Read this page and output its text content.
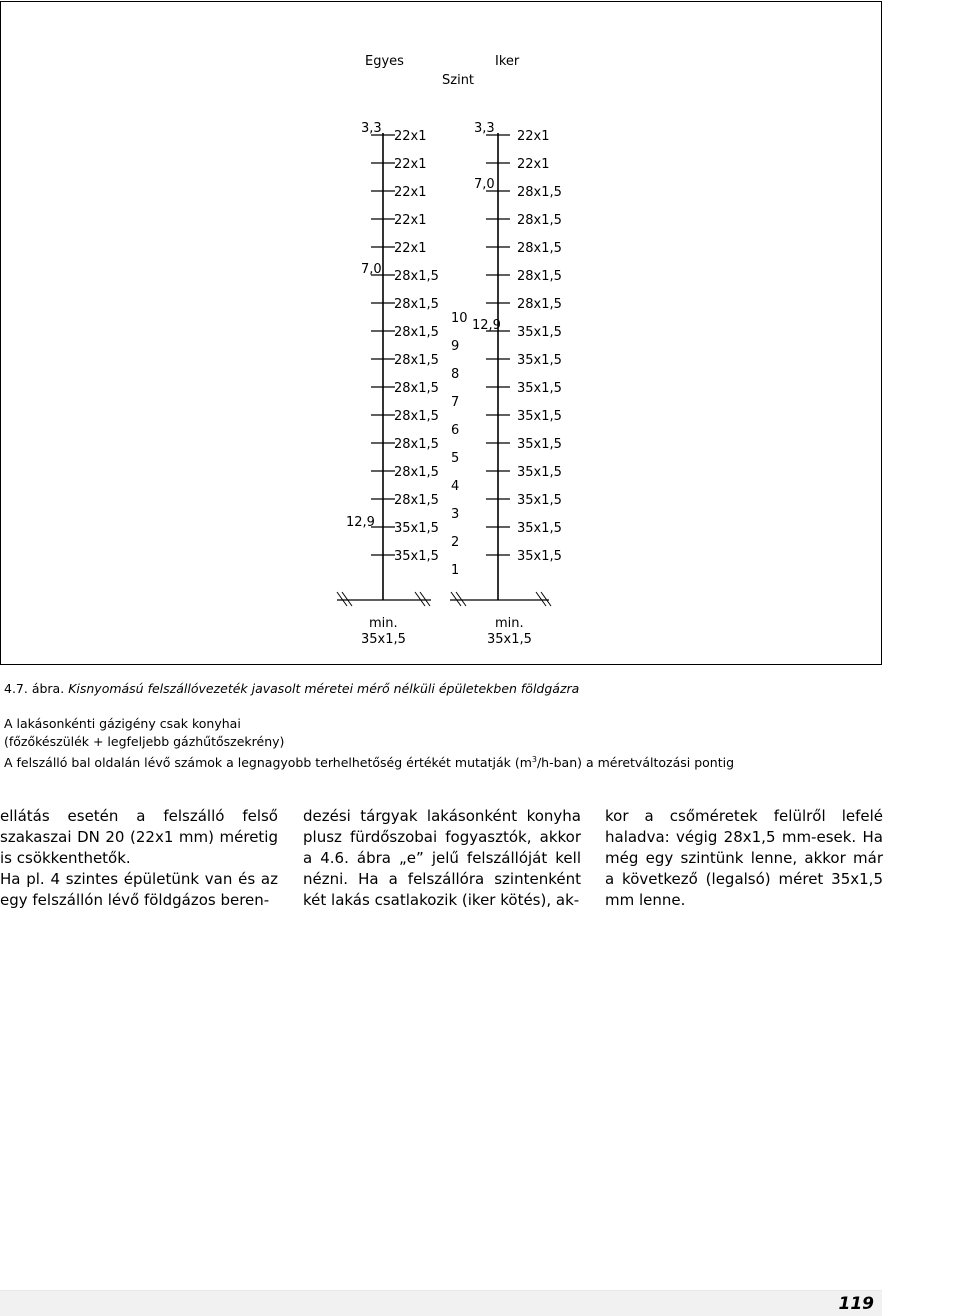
Egyes	Iker
Szint
22x1
22x1
22x1
22x1
22x1
28x1,5
28x1,5
28x1,5
28x1,5
28x1,5
28x1,5
28x1,5
28x1,5
28x1,5
35x1,5
35x1,5
3,3
7,0
12,9
22x1
22x1
28x1,5
28x1,5
28x1,5
28x1,5
28x1,5
35x1,5
35x1,5
35x1,5
35x1,5
35x1,5
35x1,5
35x1,5
35x1,5
35x1,5
3,3
7,0
12,9
10
9
8
7
6
5
4
3
2
1
min.
35x1,5
min.
35x1,5
4.7. ábra. Kisnyomású felszállóvezeték javasolt méretei mérő nélküli épületekben földgázra
A lakásonkénti gázigény csak konyhai
(főzőkészülék + legfeljebb gázhűtőszekrény)
A felszálló bal oldalán lévő számok a legnagyobb terhelhetőség értékét mutatják $(m^3/h-ban)$ a méretváltozási pontig

ellátás esetén a felszálló felső szakaszai DN 20 (22x1 mm) méretig is csökkenthetők.

Ha pl. 4 szintes épületünk van és az egy felszállón lévő földgázos beren-

dezési tárgyak lakásonként konyha plusz fürdőszobai fogyasztók, akkor a 4.6. ábra „e” jelű felszállóját kell nézni. Ha a felszállóra szintenként két lakás csatlakozik (iker kötés), ak-

kor a csőméretek felülről lefelé haladva: végig 28x1,5 mm-esek. Ha még egy szintünk lenne, akkor már a következő (legalsó) méret 35x1,5 mm lenne.

119
